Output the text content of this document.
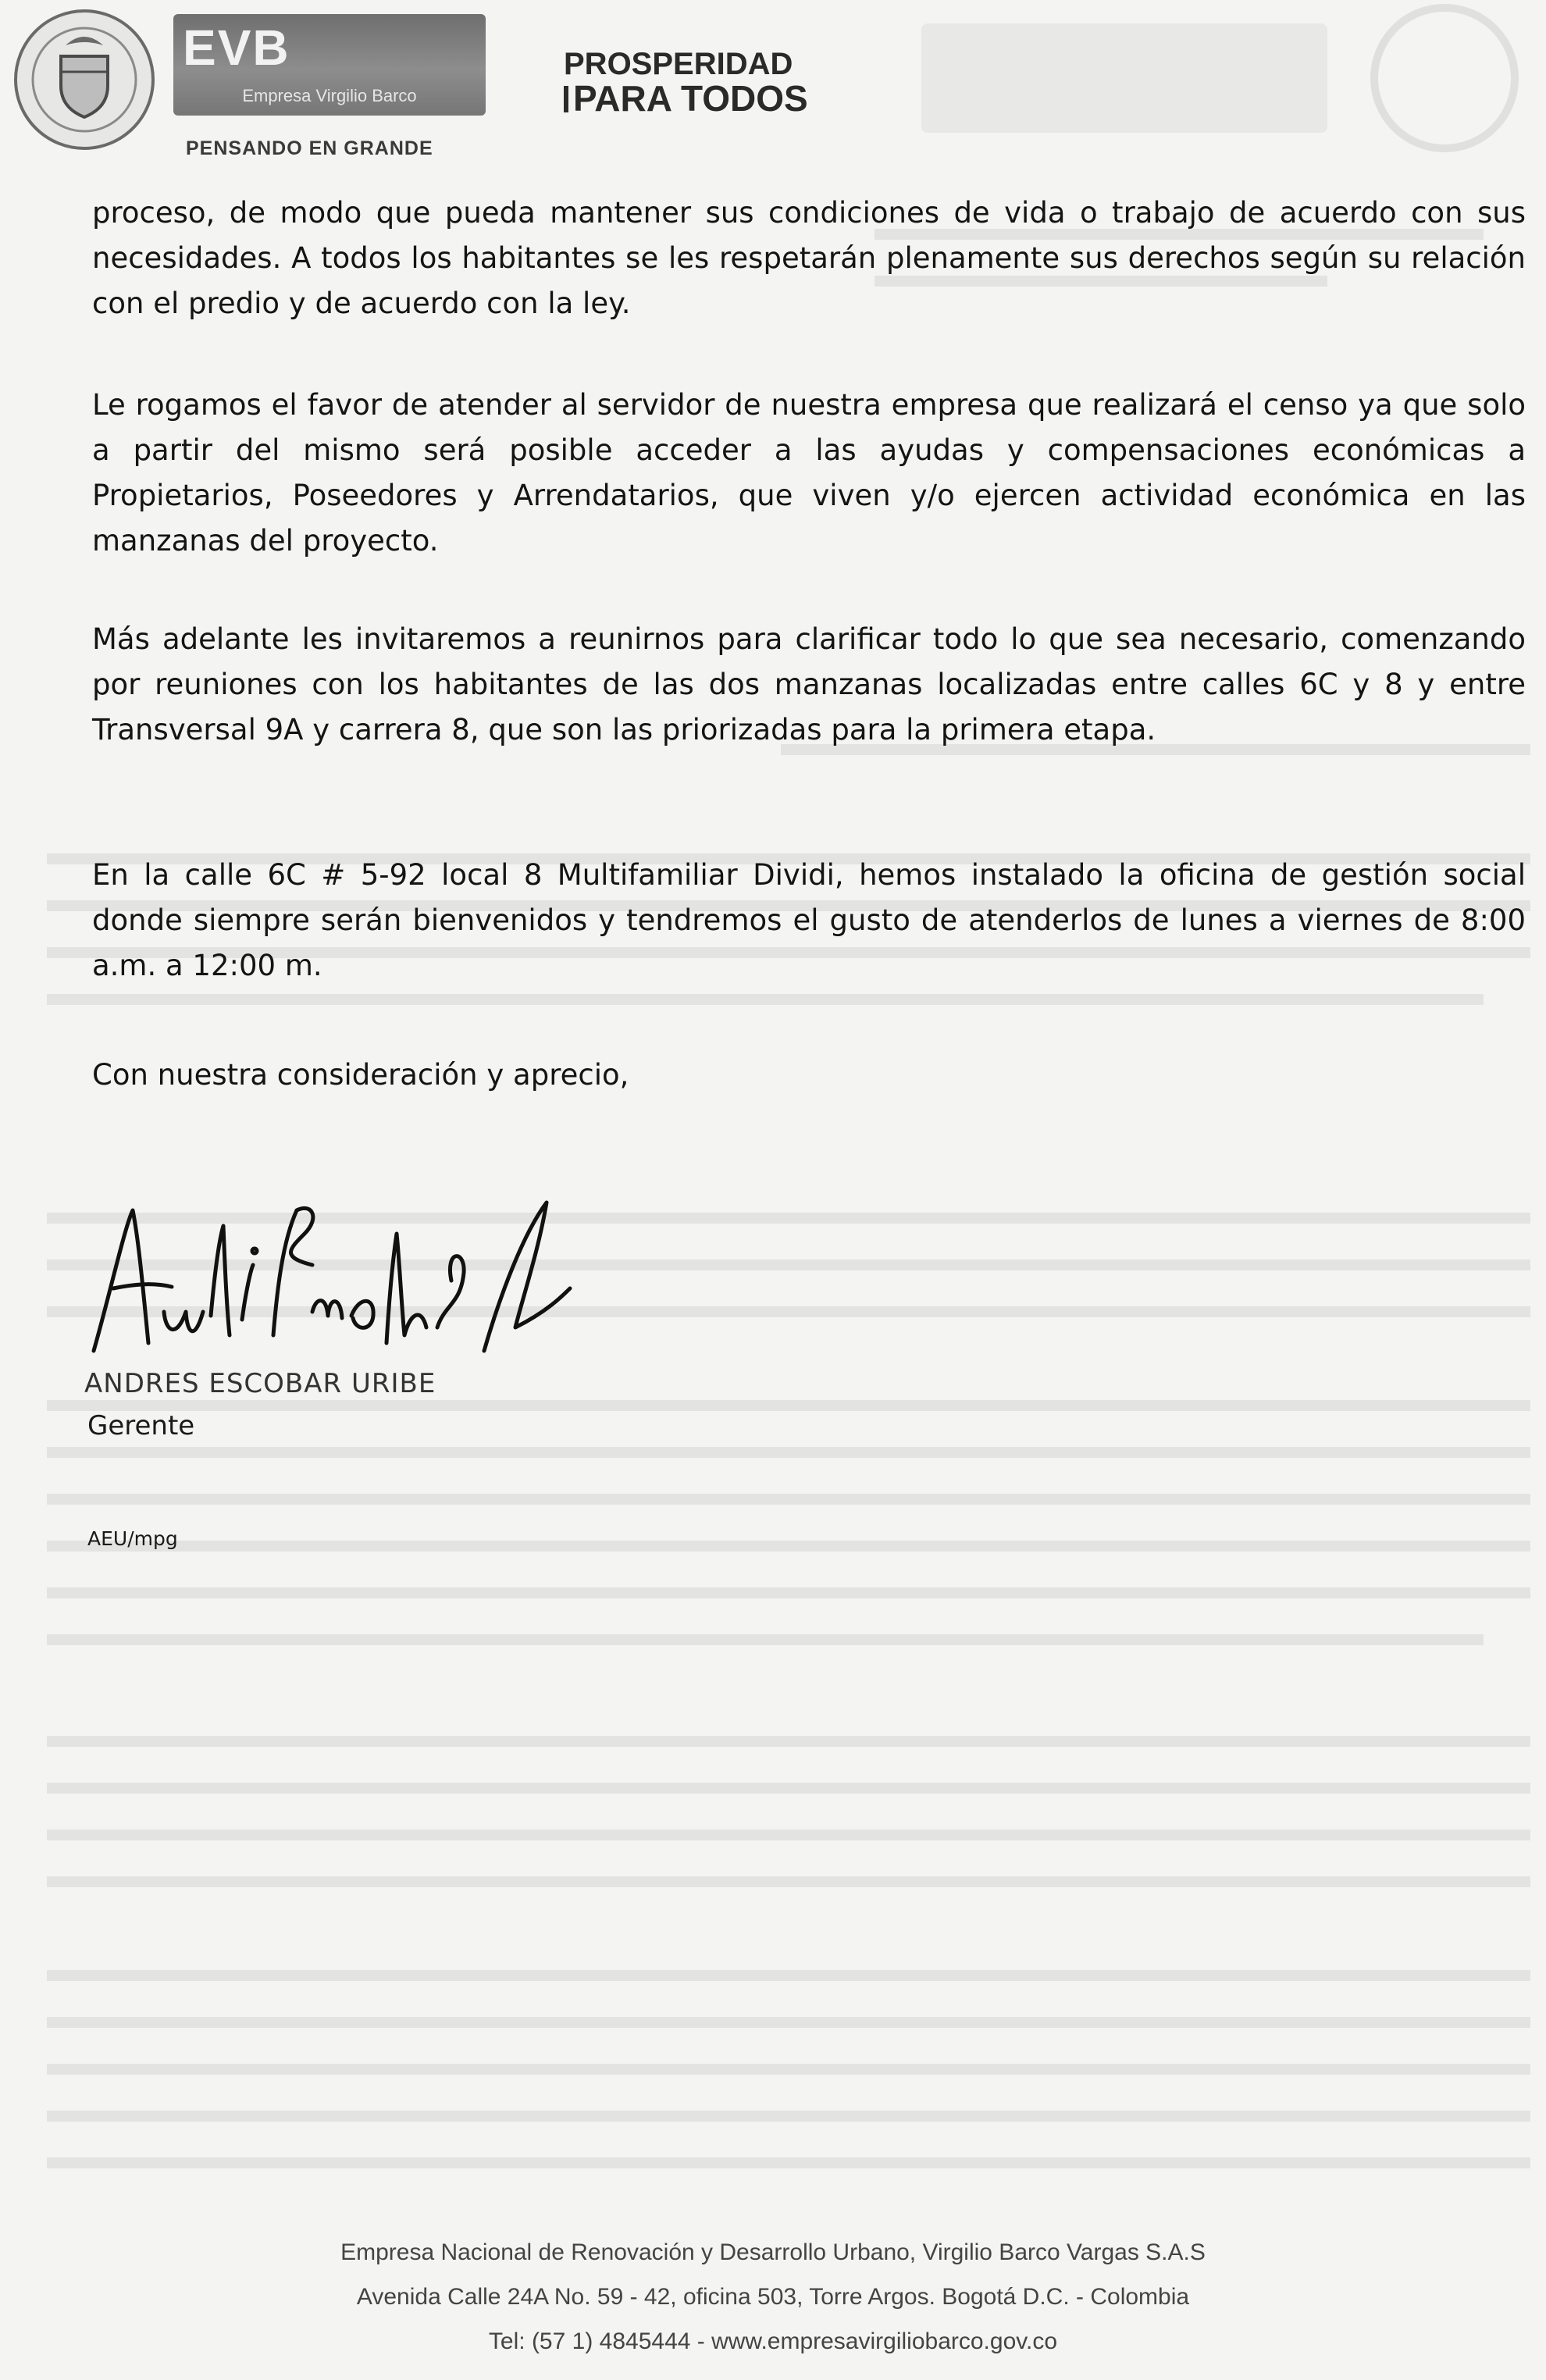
EVB
Empresa Virgilio Barco
PENSANDO EN GRANDE
PROSPERIDAD
PARA TODOS
proceso, de modo que pueda mantener sus condiciones de vida o trabajo de acuerdo con sus necesidades. A todos los habitantes se les respetarán plenamente sus derechos según su relación con el predio y de acuerdo con la ley.
Le rogamos el favor de atender al servidor de nuestra empresa que realizará el censo ya que solo a partir del mismo será posible acceder a las ayudas y compensaciones económicas a Propietarios, Poseedores y Arrendatarios, que viven y/o ejercen actividad económica en las manzanas del proyecto.
Más adelante les invitaremos a reunirnos para clarificar todo lo que sea necesario, comenzando por reuniones con los habitantes de las dos manzanas localizadas entre calles 6C y 8 y entre Transversal 9A y carrera 8, que son las priorizadas para la primera etapa.
En la calle 6C # 5-92 local 8 Multifamiliar Dividi, hemos instalado la oficina de gestión social donde siempre serán bienvenidos y tendremos el gusto de atenderlos de lunes a viernes de 8:00 a.m. a 12:00 m.
Con nuestra consideración y aprecio,
ANDRES ESCOBAR URIBE
Gerente
AEU/mpg
Empresa Nacional de Renovación y Desarrollo Urbano, Virgilio Barco Vargas S.A.S
Avenida Calle 24A No. 59 - 42, oficina 503, Torre Argos. Bogotá D.C. - Colombia
Tel: (57 1) 4845444 - www.empresavirgiliobarco.gov.co
